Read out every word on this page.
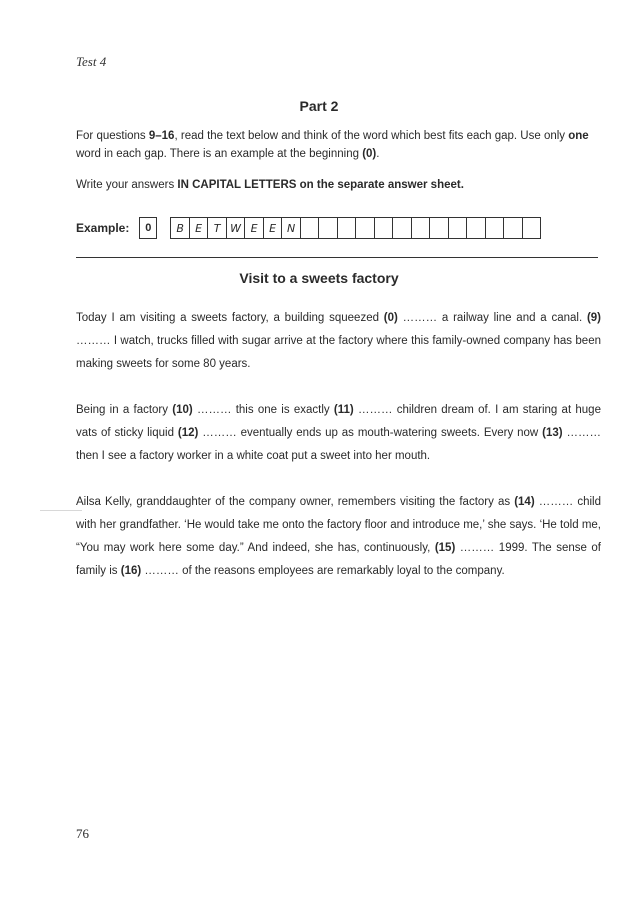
Test 4
Part 2
For questions 9–16, read the text below and think of the word which best fits each gap. Use only one word in each gap. There is an example at the beginning (0).
Write your answers IN CAPITAL LETTERS on the separate answer sheet.
Example:	0	B	E	T W E	E N
Visit to a sweets factory
Today I am visiting a sweets factory, a building squeezed (0) ……… a railway line and a canal. (9) ……… I watch, trucks filled with sugar arrive at the factory where this family-owned company has been making sweets for some 80 years.
Being in a factory (10) ……… this one is exactly (11) ……… children dream of. I am staring at huge vats of sticky liquid (12) ……… eventually ends up as mouth-watering sweets. Every now (13) ……… then I see a factory worker in a white coat put a sweet into her mouth.
Ailsa Kelly, granddaughter of the company owner, remembers visiting the factory as (14) ……… child with her grandfather. ‘He would take me onto the factory floor and introduce me,’ she says. ‘He told me, “You may work here some day.” And indeed, she has, continuously, (15) ……… 1999. The sense of family is (16) ……… of the reasons employees are remarkably loyal to the company.
76
